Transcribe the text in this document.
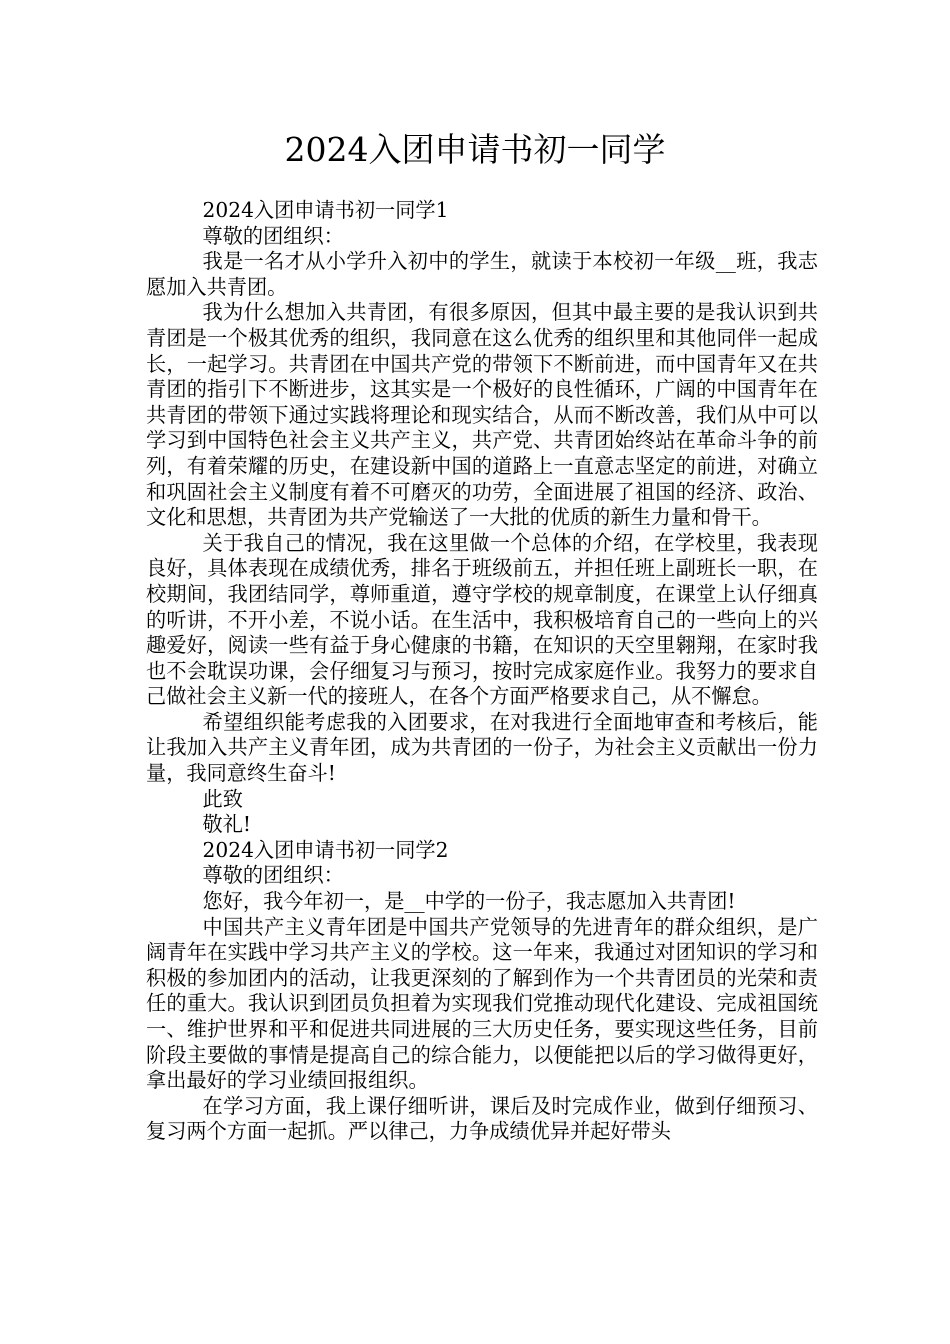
2024入团申请书初一同学

2024入团申请书初一同学1

尊敬的团组织：

我是一名才从小学升入初中的学生，就读于本校初一年级__班，我志愿加入共青团。

我为什么想加入共青团，有很多原因，但其中最主要的是我认识到共青团是一个极其优秀的组织，我同意在这么优秀的组织里和其他同伴一起成长，一起学习。共青团在中国共产党的带领下不断前进，而中国青年又在共青团的指引下不断进步，这其实是一个极好的良性循环，广阔的中国青年在共青团的带领下通过实践将理论和现实结合，从而不断改善，我们从中可以学习到中国特色社会主义共产主义，共产党、共青团始终站在革命斗争的前列，有着荣耀的历史，在建设新中国的道路上一直意志坚定的前进，对确立和巩固社会主义制度有着不可磨灭的功劳，全面进展了祖国的经济、政治、文化和思想，共青团为共产党输送了一大批的优质的新生力量和骨干。

关于我自己的情况，我在这里做一个总体的介绍，在学校里，我表现良好，具体表现在成绩优秀，排名于班级前五，并担任班上副班长一职，在校期间，我团结同学，尊师重道，遵守学校的规章制度，在课堂上认仔细真的听讲，不开小差，不说小话。在生活中，我积极培育自己的一些向上的兴趣爱好，阅读一些有益于身心健康的书籍，在知识的天空里翱翔，在家时我也不会耽误功课，会仔细复习与预习，按时完成家庭作业。我努力的要求自己做社会主义新一代的接班人，在各个方面严格要求自己，从不懈怠。

希望组织能考虑我的入团要求，在对我进行全面地审查和考核后，能让我加入共产主义青年团，成为共青团的一份子，为社会主义贡献出一份力量，我同意终生奋斗!

此致

敬礼!

2024入团申请书初一同学2

尊敬的团组织：

您好，我今年初一，是__中学的一份子，我志愿加入共青团!

中国共产主义青年团是中国共产党领导的先进青年的群众组织，是广阔青年在实践中学习共产主义的学校。这一年来，我通过对团知识的学习和积极的参加团内的活动，让我更深刻的了解到作为一个共青团员的光荣和责任的重大。我认识到团员负担着为实现我们党推动现代化建设、完成祖国统一、维护世界和平和促进共同进展的三大历史任务，要实现这些任务，目前阶段主要做的事情是提高自己的综合能力，以便能把以后的学习做得更好，拿出最好的学习业绩回报组织。

在学习方面，我上课仔细听讲，课后及时完成作业，做到仔细预习、复习两个方面一起抓。严以律己，力争成绩优异并起好带头
